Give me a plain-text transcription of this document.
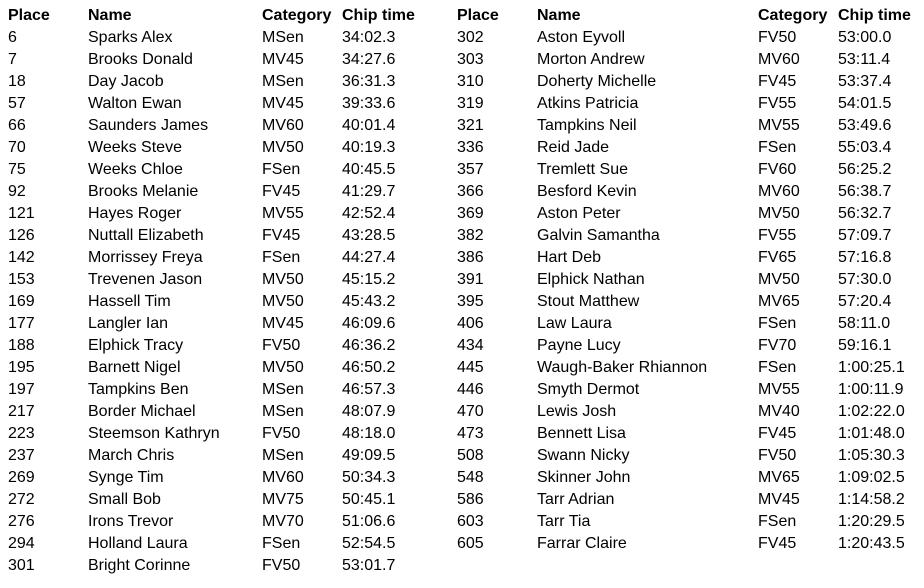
Place	Name	Category	Chip time
6	Sparks Alex	MSen	34:02.3
7	Brooks Donald	MV45	34:27.6
18	Day Jacob	MSen	36:31.3
57	Walton Ewan	MV45	39:33.6
66	Saunders James	MV60	40:01.4
70	Weeks Steve	MV50	40:19.3
75	Weeks Chloe	FSen	40:45.5
92	Brooks Melanie	FV45	41:29.7
121	Hayes Roger	MV55	42:52.4
126	Nuttall Elizabeth	FV45	43:28.5
142	Morrissey Freya	FSen	44:27.4
153	Trevenen Jason	MV50	45:15.2
169	Hassell Tim	MV50	45:43.2
177	Langler Ian	MV45	46:09.6
188	Elphick Tracy	FV50	46:36.2
195	Barnett Nigel	MV50	46:50.2
197	Tampkins Ben	MSen	46:57.3
217	Border Michael	MSen	48:07.9
223	Steemson Kathryn	FV50	48:18.0
237	March Chris	MSen	49:09.5
269	Synge Tim	MV60	50:34.3
272	Small Bob	MV75	50:45.1
276	Irons Trevor	MV70	51:06.6
294	Holland Laura	FSen	52:54.5
301	Bright Corinne	FV50	53:01.7
Place	Name	Category	Chip time
302	Aston Eyvoll	FV50	53:00.0
303	Morton Andrew	MV60	53:11.4
310	Doherty Michelle	FV45	53:37.4
319	Atkins Patricia	FV55	54:01.5
321	Tampkins Neil	MV55	53:49.6
336	Reid Jade	FSen	55:03.4
357	Tremlett Sue	FV60	56:25.2
366	Besford Kevin	MV60	56:38.7
369	Aston Peter	MV50	56:32.7
382	Galvin Samantha	FV55	57:09.7
386	Hart Deb	FV65	57:16.8
391	Elphick Nathan	MV50	57:30.0
395	Stout Matthew	MV65	57:20.4
406	Law Laura	FSen	58:11.0
434	Payne Lucy	FV70	59:16.1
445	Waugh-Baker Rhiannon	FSen	1:00:25.1
446	Smyth Dermot	MV55	1:00:11.9
470	Lewis Josh	MV40	1:02:22.0
473	Bennett Lisa	FV45	1:01:48.0
508	Swann Nicky	FV50	1:05:30.3
548	Skinner John	MV65	1:09:02.5
586	Tarr Adrian	MV45	1:14:58.2
603	Tarr Tia	FSen	1:20:29.5
605	Farrar Claire	FV45	1:20:43.5
